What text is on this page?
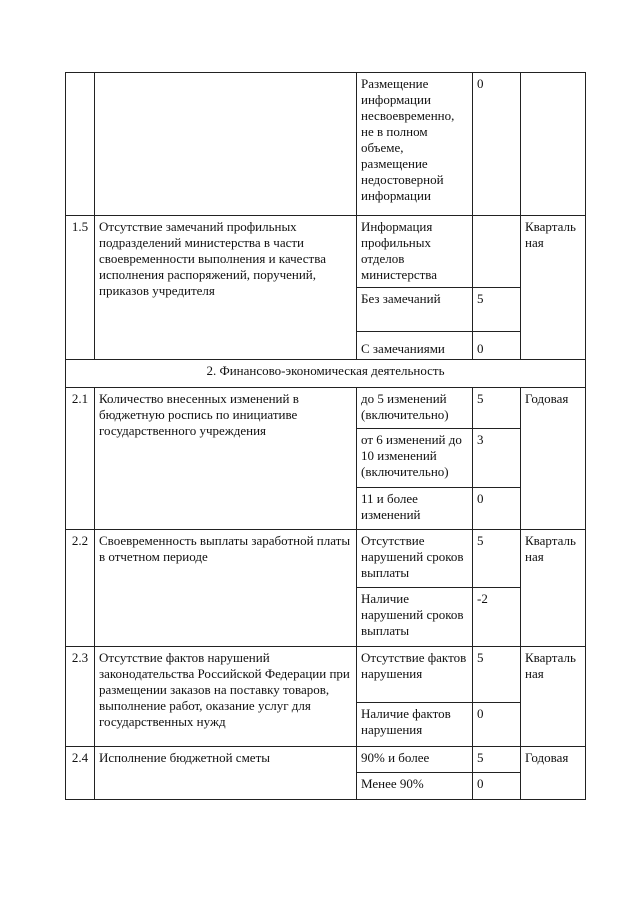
		Размещение информации несвоевременно, не в полном объеме, размещение недостоверной информации	0	
1.5	Отсутствие замечаний профильных подразделений министерства в части своевременности выполнения и качества исполнения распоряжений, поручений, приказов учредителя	Информация профильных отделов министерства		Кварталь ная
		Без замечаний	5	
		С замечаниями	0	
2. Финансово-экономическая деятельность				
2.1	Количество внесенных изменений в бюджетную роспись по инициативе государственного учреждения	до 5 изменений (включительно)	5	Годовая
		от 6 изменений до 10 изменений (включительно)	3	
		11 и более изменений	0	
2.2	Своевременность выплаты заработной платы в отчетном периоде	Отсутствие нарушений сроков выплаты	5	Кварталь ная
		Наличие нарушений сроков выплаты	-2	
2.3	Отсутствие фактов нарушений законодательства Российской Федерации при размещении заказов на поставку товаров, выполнение работ, оказание услуг для государственных нужд	Отсутствие фактов нарушения	5	Кварталь ная
		Наличие фактов нарушения	0	
2.4	Исполнение бюджетной сметы	90% и более	5	Годовая
		Менее 90%	0	
